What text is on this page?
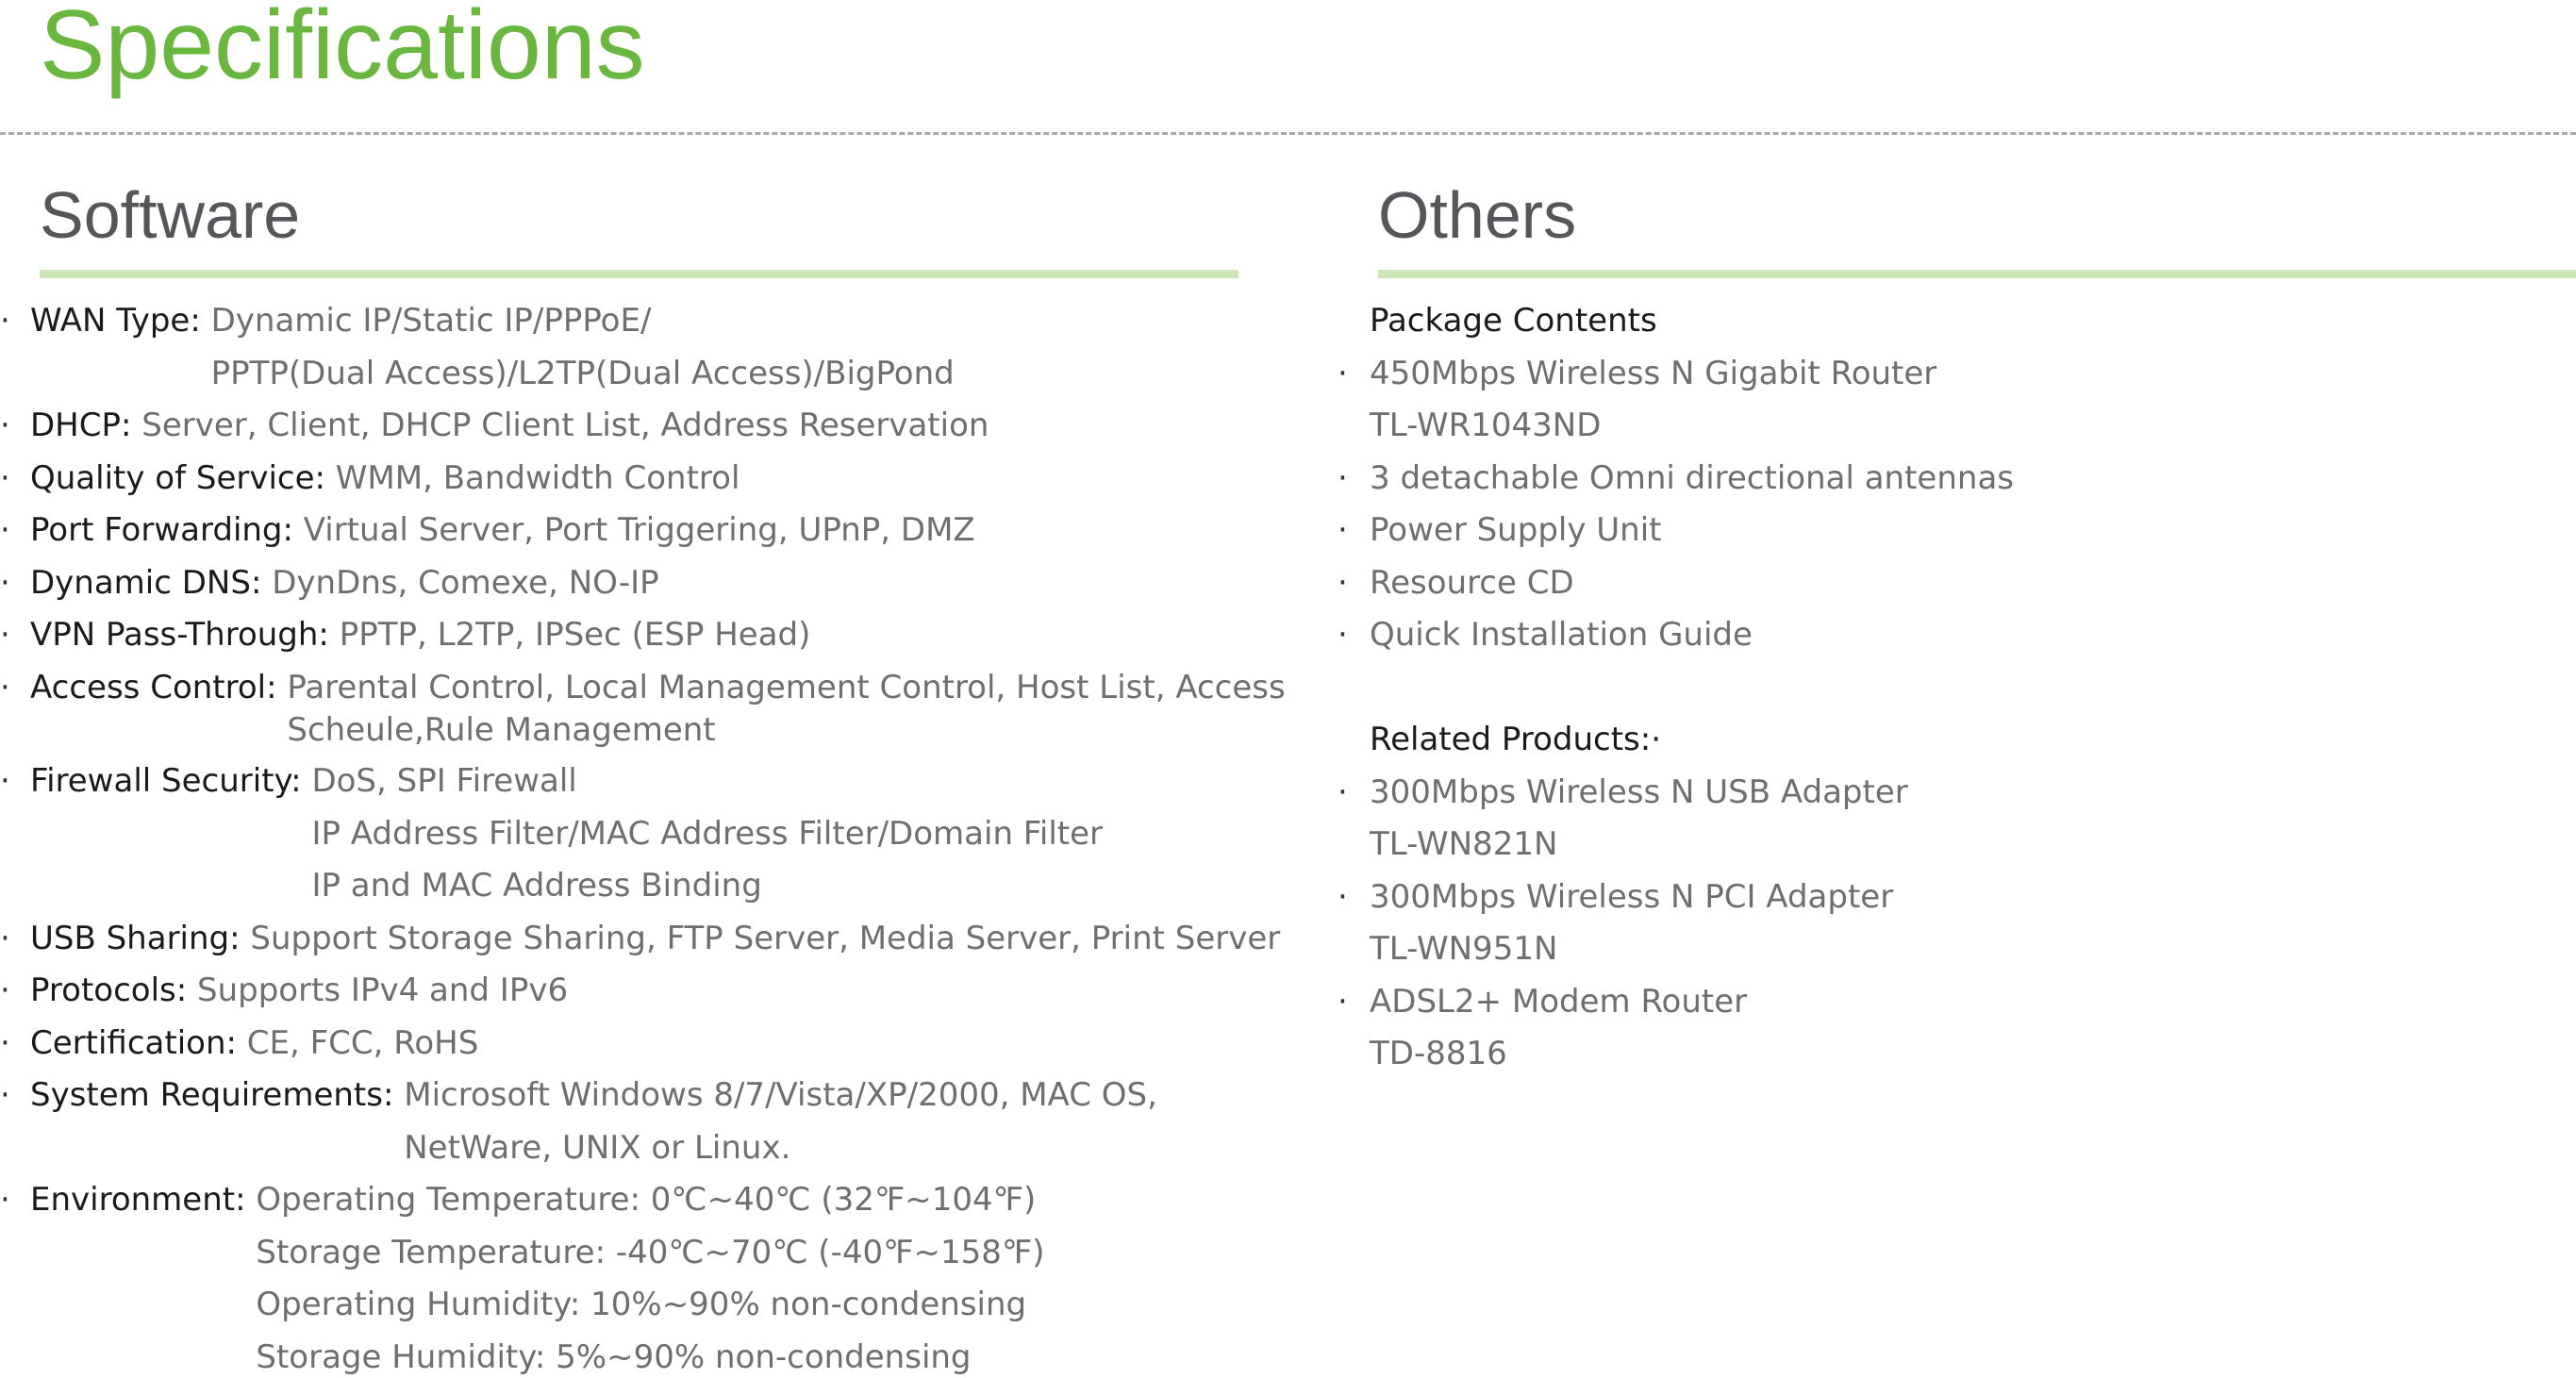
Specifications
Software	Others
· WAN Type: Dynamic IP/Static IP/PPPoE/
PPTP(Dual Access)/L2TP(Dual Access)/BigPond
· DHCP: Server, Client, DHCP Client List, Address Reservation
· Quality of Service: WMM, Bandwidth Control
· Port Forwarding: Virtual Server, Port Triggering, UPnP, DMZ
· Dynamic DNS: DynDns, Comexe, NO-IP
· VPN Pass-Through: PPTP, L2TP, IPSec (ESP Head)
· Access Control: Parental Control, Local Management Control, Host List, Access
Scheule,Rule Management
· Firewall Security: DoS, SPI Firewall
IP Address Filter/MAC Address Filter/Domain Filter
IP and MAC Address Binding
· USB Sharing: Support Storage Sharing, FTP Server, Media Server, Print Server
· Protocols: Supports IPv4 and IPv6
· Certification: CE, FCC, RoHS
· System Requirements: Microsoft Windows 8/7/Vista/XP/2000, MAC OS,
NetWare, UNIX or Linux.
· Environment: Operating Temperature: 0℃~40℃ (32℉~104℉)
Storage Temperature: -40℃~70℃ (-40℉~158℉)
Operating Humidity: 10%~90% non-condensing
Storage Humidity: 5%~90% non-condensing
Package Contents
· 450Mbps Wireless N Gigabit Router
TL-WR1043ND
· 3 detachable Omni directional antennas
· Power Supply Unit
· Resource CD
· Quick Installation Guide
Related Products:·
· 300Mbps Wireless N USB Adapter
TL-WN821N
· 300Mbps Wireless N PCI Adapter
TL-WN951N
· ADSL2+ Modem Router
TD-8816
